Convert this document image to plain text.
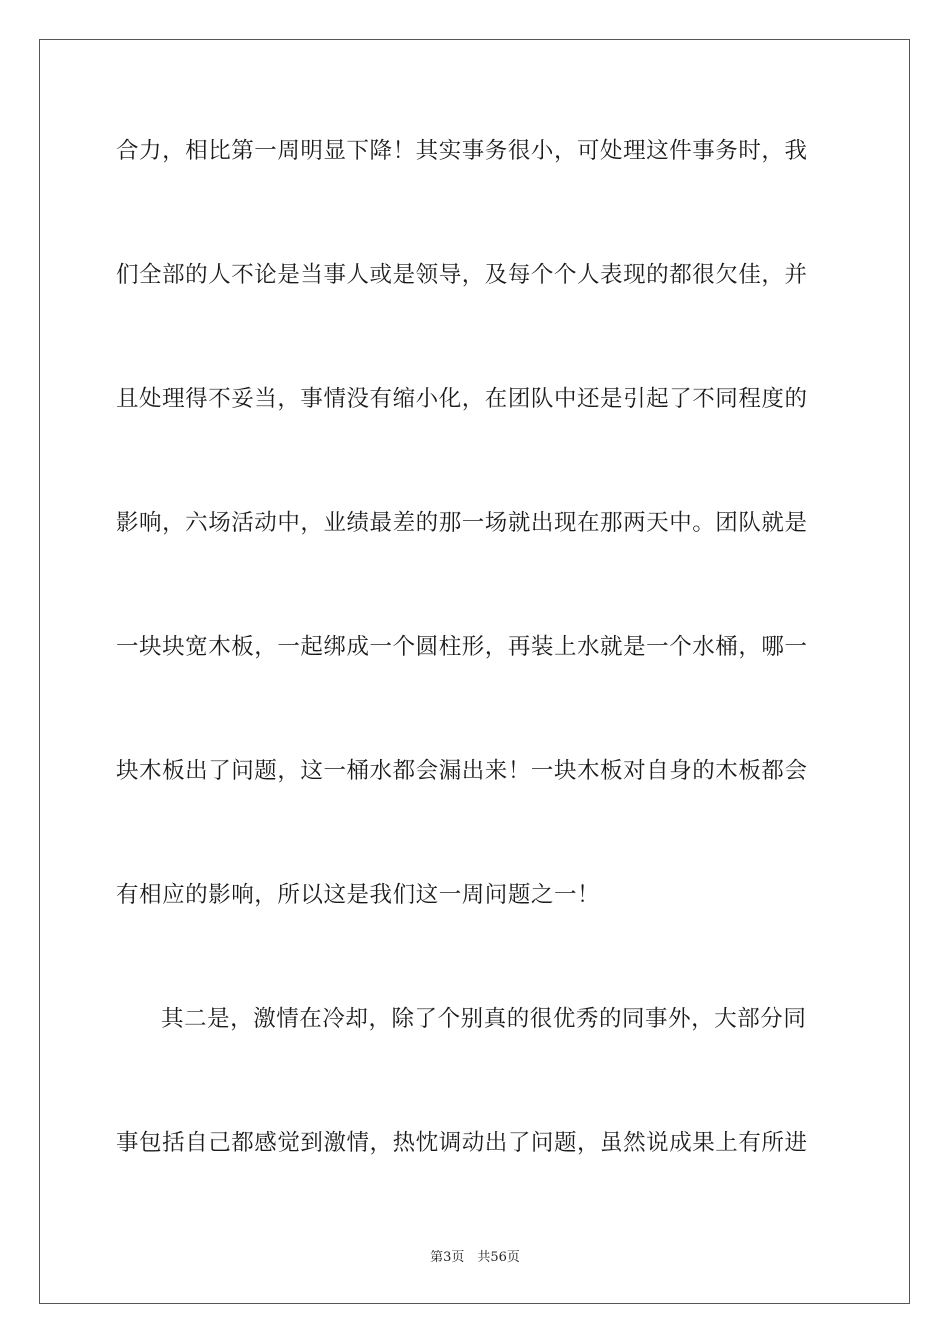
合力，相比第一周明显下降！其实事务很小，可处理这件事务时，我
们全部的人不论是当事人或是领导，及每个个人表现的都很欠佳，并
且处理得不妥当，事情没有缩小化，在团队中还是引起了不同程度的
影响，六场活动中，业绩最差的那一场就出现在那两天中。团队就是
一块块宽木板，一起绑成一个圆柱形，再装上水就是一个水桶，哪一
块木板出了问题，这一桶水都会漏出来！一块木板对自身的木板都会
有相应的影响，所以这是我们这一周问题之一！
其二是，激情在冷却，除了个别真的很优秀的同事外，大部分同
事包括自己都感觉到激情，热忱调动出了问题，虽然说成果上有所进
第3页　共56页
